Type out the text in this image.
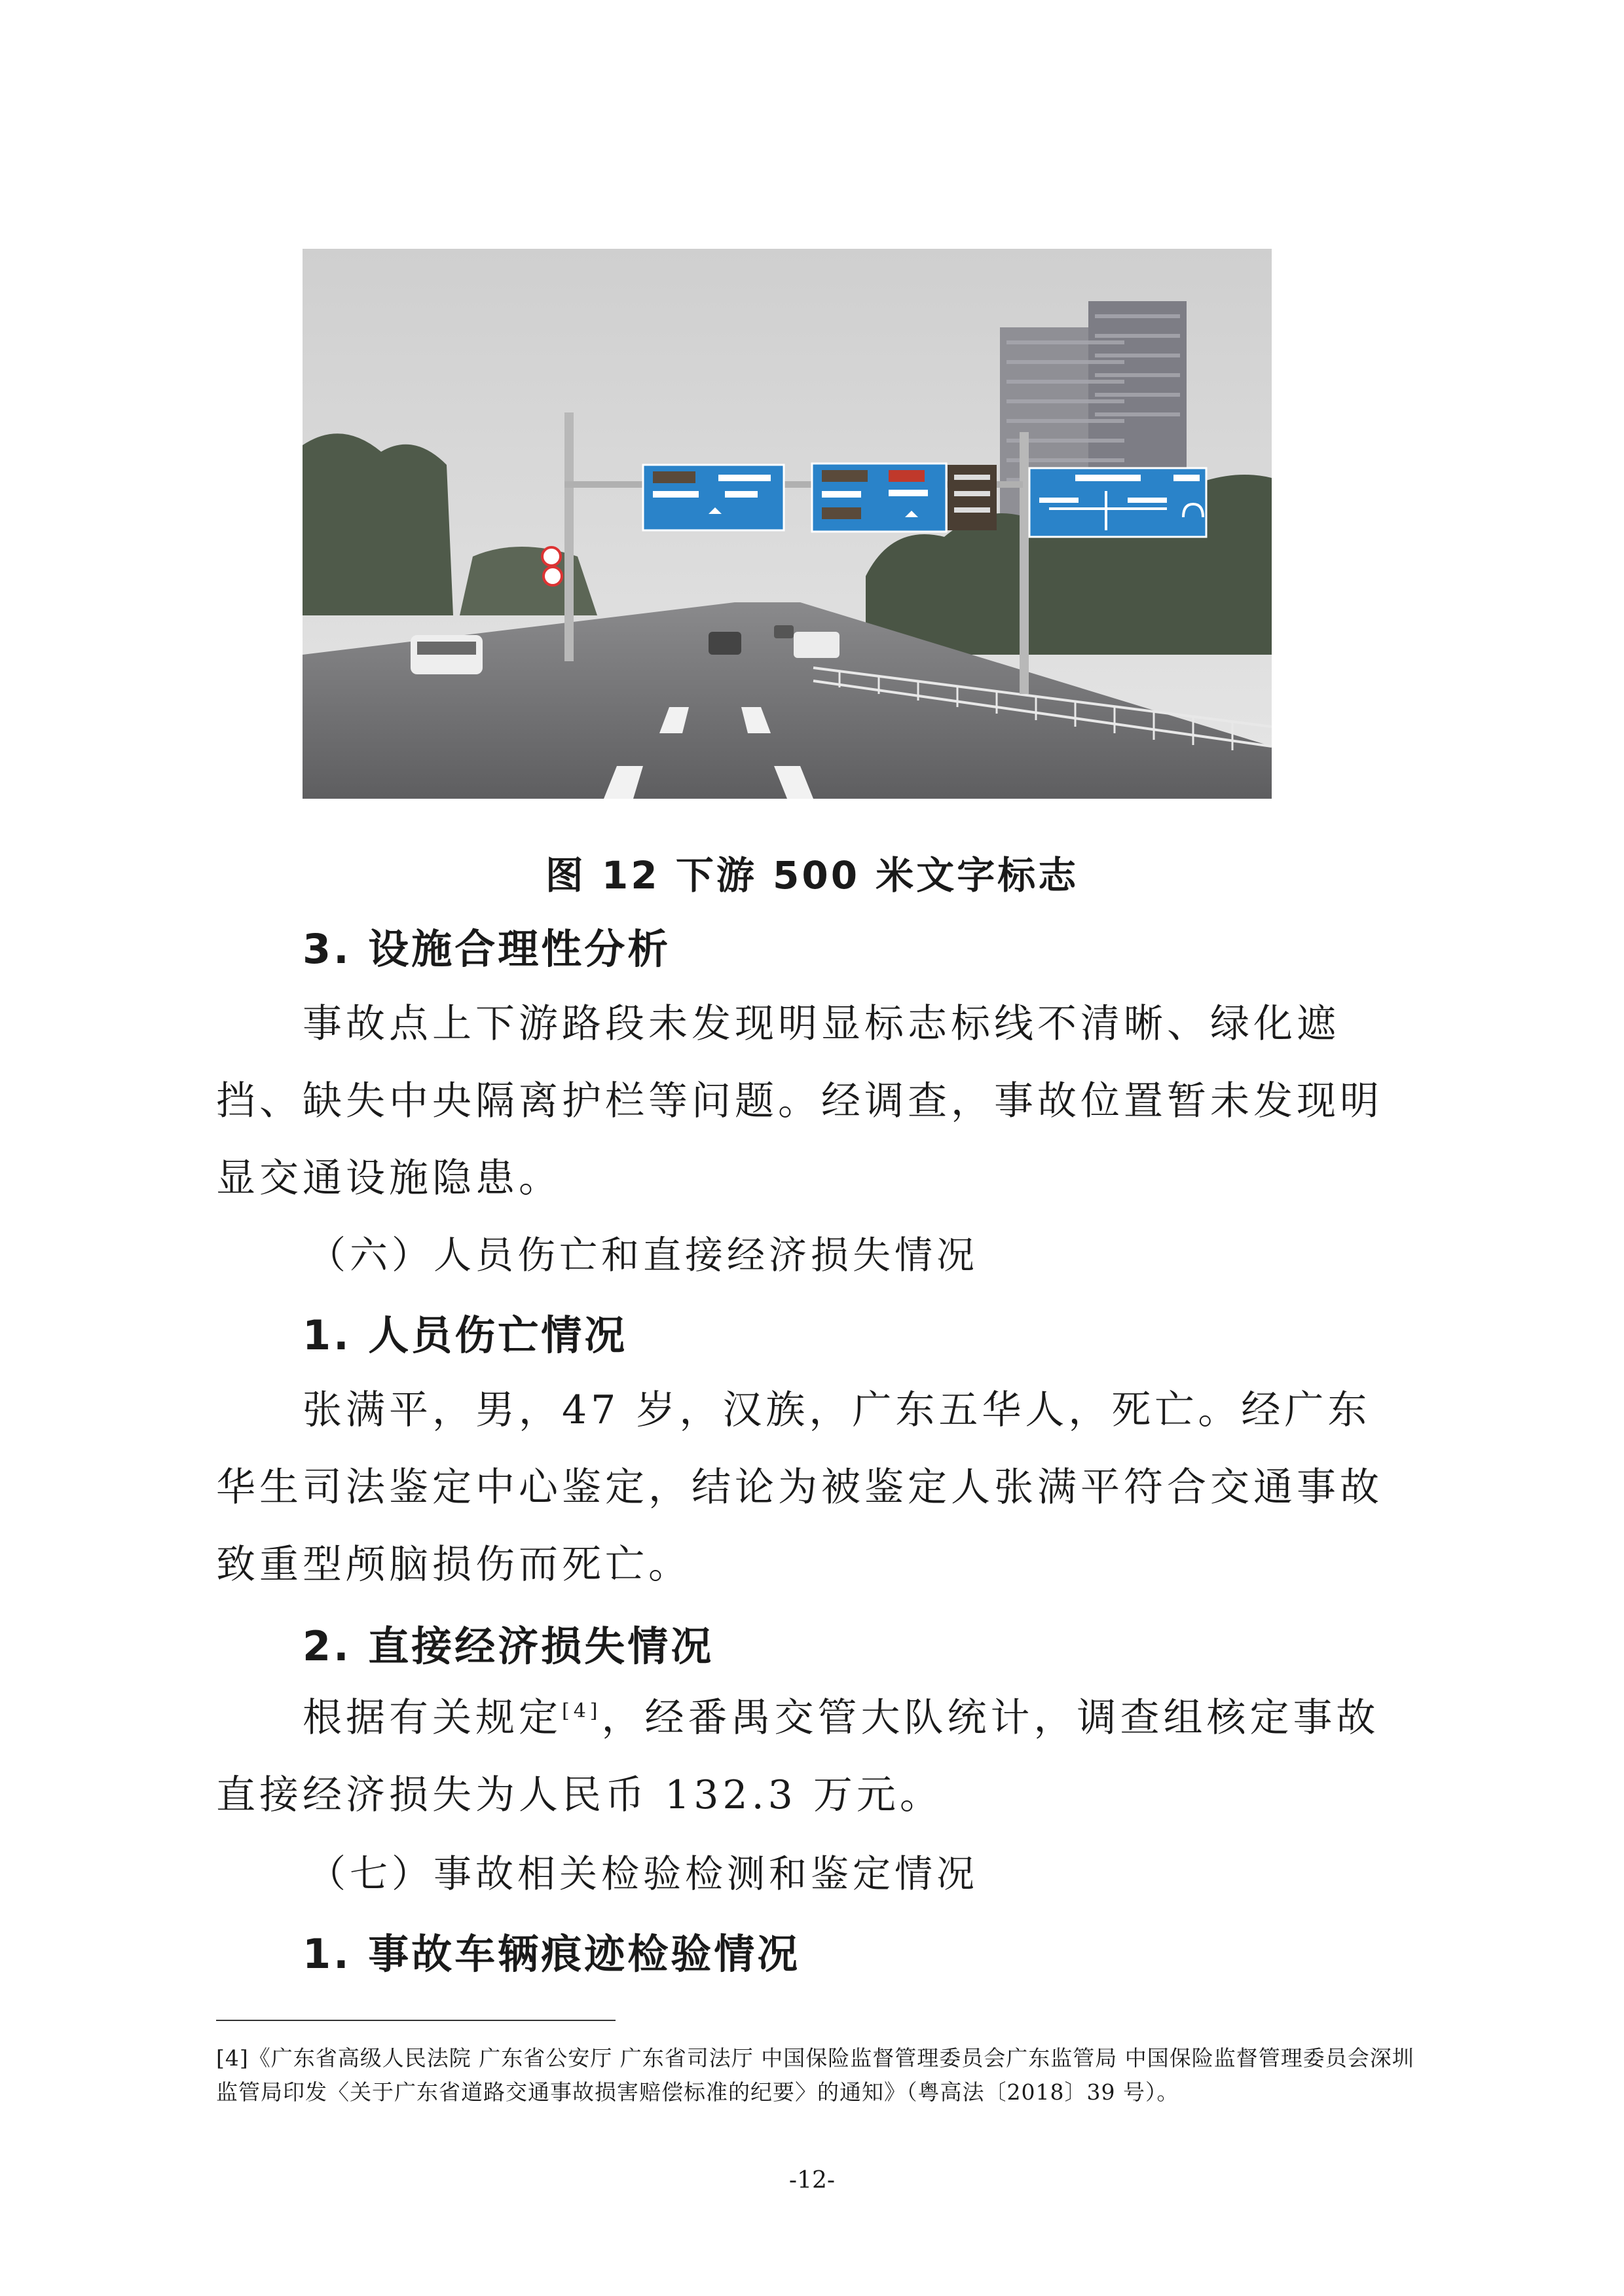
图 12 下游 500 米文字标志

3. 设施合理性分析

事故点上下游路段未发现明显标志标线不清晰、绿化遮挡、缺失中央隔离护栏等问题。经调查，事故位置暂未发现明显交通设施隐患。

（六）人员伤亡和直接经济损失情况

1. 人员伤亡情况

张满平，男，47 岁，汉族，广东五华人，死亡。经广东华生司法鉴定中心鉴定，结论为被鉴定人张满平符合交通事故致重型颅脑损伤而死亡。

2. 直接经济损失情况

根据有关规定[4]，经番禺交管大队统计，调查组核定事故直接经济损失为人民币 132.3 万元。

（七）事故相关检验检测和鉴定情况

1. 事故车辆痕迹检验情况

[4]《广东省高级人民法院 广东省公安厅 广东省司法厅 中国保险监督管理委员会广东监管局 中国保险监督管理委员会深圳监管局印发〈关于广东省道路交通事故损害赔偿标准的纪要〉的通知》（粤高法〔2018〕39 号）。

-12-
